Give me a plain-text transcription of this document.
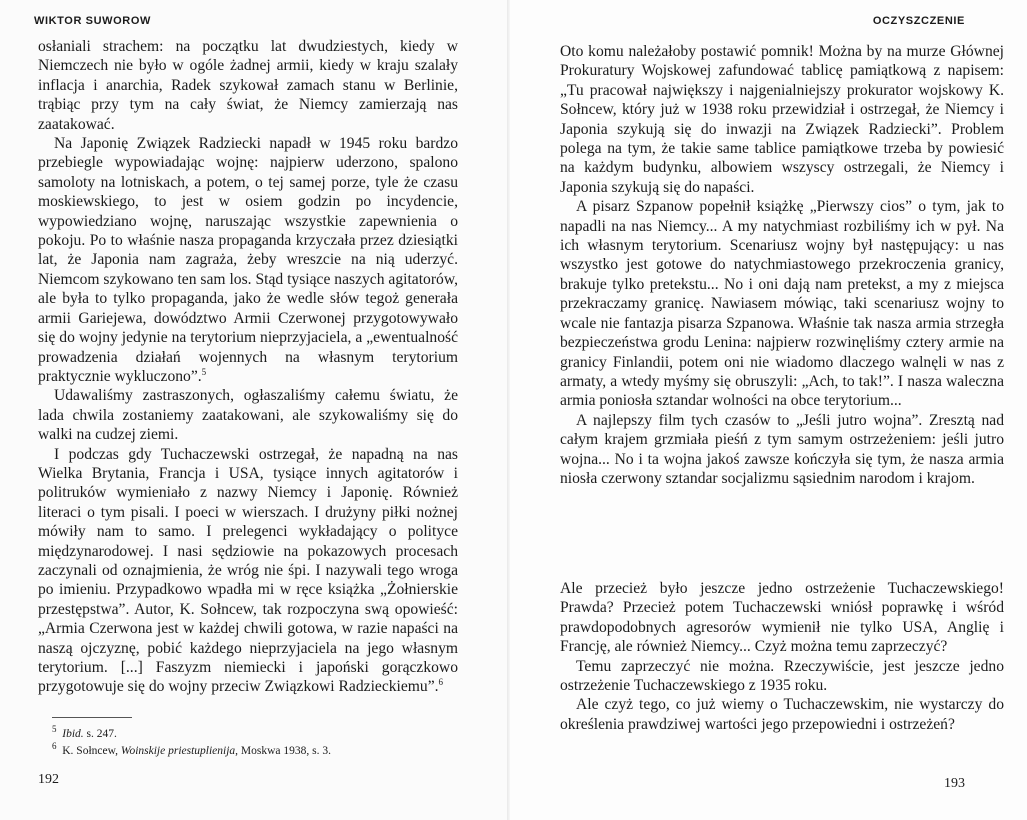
WIKTOR SUWOROW

osłaniali strachem: na początku lat dwudziestych, kiedy w Niemczech nie było w ogóle żadnej armii, kiedy w kraju szalały inflacja i anarchia, Radek szykował zamach stanu w Berlinie, trąbiąc przy tym na cały świat, że Niemcy zamierzają nas zaatakować.

Na Japonię Związek Radziecki napadł w 1945 roku bardzo przebiegle wypowiadając wojnę: najpierw uderzono, spalono samoloty na lotniskach, a potem, o tej samej porze, tyle że czasu moskiewskiego, to jest w osiem godzin po incydencie, wypowiedziano wojnę, naruszając wszystkie zapewnienia o pokoju. Po to właśnie nasza propaganda krzyczała przez dziesiątki lat, że Japonia nam zagraża, żeby wreszcie na nią uderzyć. Niemcom szykowano ten sam los. Stąd tysiące naszych agitatorów, ale była to tylko propaganda, jako że wedle słów tegoż generała armii Gariejewa, dowództwo Armii Czerwonej przygotowywało się do wojny jedynie na terytorium nieprzyjaciela, a „ewentualność prowadzenia działań wojennych na własnym terytorium praktycznie wykluczono”.$^5$

Udawaliśmy zastraszonych, ogłaszaliśmy całemu światu, że lada chwila zostaniemy zaatakowani, ale szykowaliśmy się do walki na cudzej ziemi.

I podczas gdy Tuchaczewski ostrzegał, że napadną na nas Wielka Brytania, Francja i USA, tysiące innych agitatorów i politruków wymieniało z nazwy Niemcy i Japonię. Również literaci o tym pisali. I poeci w wierszach. I drużyny piłki nożnej mówiły nam to samo. I prelegenci wykładający o polityce międzynarodowej. I nasi sędziowie na pokazowych procesach zaczynali od oznajmienia, że wróg nie śpi. I nazywali tego wroga po imieniu. Przypadkowo wpadła mi w ręce książka „Żołnierskie przestępstwa”. Autor, K. Sołncew, tak rozpoczyna swą opowieść: „Armia Czerwona jest w każdej chwili gotowa, w razie napaści na naszą ojczyznę, pobić każdego nieprzyjaciela na jego własnym terytorium. [...] Faszyzm niemiecki i japoński gorączkowo przygotowuje się do wojny przeciw Związkowi Radzieckiemu”.$^6$

$^5$ Ibid. s. 247.

$^6$ K. Sołncew, Woinskije priestuplienija, Moskwa 1938, s. 3.

192
OCZYSZCZENIE

Oto komu należałoby postawić pomnik! Można by na murze Głównej Prokuratury Wojskowej zafundować tablicę pamiątkową z napisem: „Tu pracował największy i najgenialniejszy prokurator wojskowy K. Sołncew, który już w 1938 roku przewidział i ostrzegał, że Niemcy i Japonia szykują się do inwazji na Związek Radziecki”. Problem polega na tym, że takie same tablice pamiątkowe trzeba by powiesić na każdym budynku, albowiem wszyscy ostrzegali, że Niemcy i Japonia szykują się do napaści.

A pisarz Szpanow popełnił książkę „Pierwszy cios” o tym, jak to napadli na nas Niemcy... A my natychmiast rozbiliśmy ich w pył. Na ich własnym terytorium. Scenariusz wojny był następujący: u nas wszystko jest gotowe do natychmiastowego przekroczenia granicy, brakuje tylko pretekstu... No i oni dają nam pretekst, a my z miejsca przekraczamy granicę. Nawiasem mówiąc, taki scenariusz wojny to wcale nie fantazja pisarza Szpanowa. Właśnie tak nasza armia strzegła bezpieczeństwa grodu Lenina: najpierw rozwinęliśmy cztery armie na granicy Finlandii, potem oni nie wiadomo dlaczego walnęli w nas z armaty, a wtedy myśmy się obruszyli: „Ach, to tak!”. I nasza waleczna armia poniosła sztandar wolności na obce terytorium...

A najlepszy film tych czasów to „Jeśli jutro wojna”. Zresztą nad całym krajem grzmiała pieśń z tym samym ostrzeżeniem: jeśli jutro wojna... No i ta wojna jakoś zawsze kończyła się tym, że nasza armia niosła czerwony sztandar socjalizmu sąsiednim narodom i krajom.

Ale przecież było jeszcze jedno ostrzeżenie Tuchaczewskiego! Prawda? Przecież potem Tuchaczewski wniósł poprawkę i wśród prawdopodobnych agresorów wymienił nie tylko USA, Anglię i Francję, ale również Niemcy... Czyż można temu zaprzeczyć?

Temu zaprzeczyć nie można. Rzeczywiście, jest jeszcze jedno ostrzeżenie Tuchaczewskiego z 1935 roku.

Ale czyż tego, co już wiemy o Tuchaczewskim, nie wystarczy do określenia prawdziwej wartości jego przepowiedni i ostrzeżeń?

193
